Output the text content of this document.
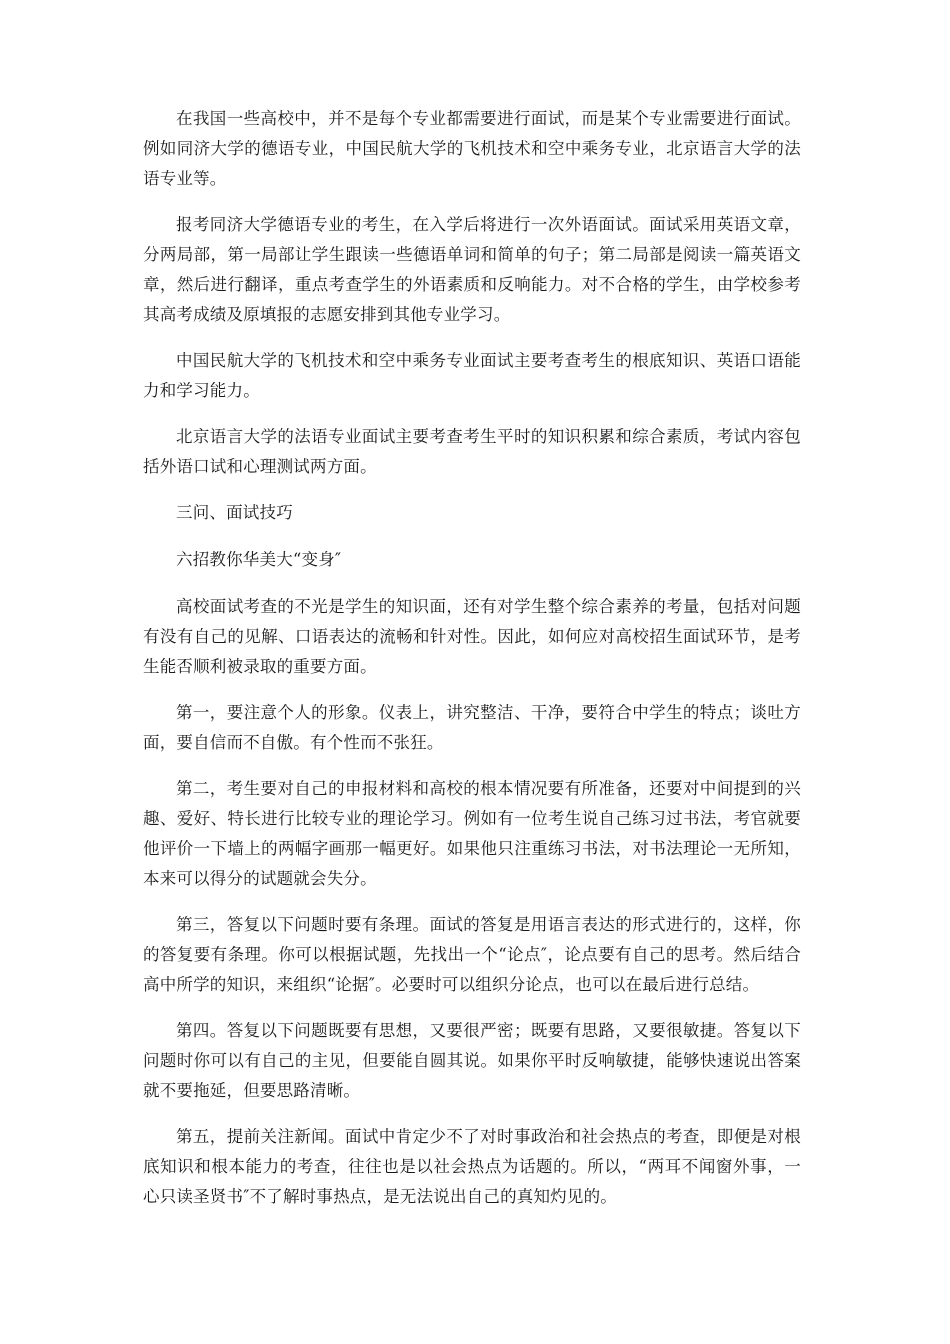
在我国一些高校中，并不是每个专业都需要进行面试，而是某个专业需要进行面试。例如同济大学的德语专业，中国民航大学的飞机技术和空中乘务专业，北京语言大学的法语专业等。

报考同济大学德语专业的考生，在入学后将进行一次外语面试。面试采用英语文章，分两局部，第一局部让学生跟读一些德语单词和简单的句子；第二局部是阅读一篇英语文章，然后进行翻译，重点考查学生的外语素质和反响能力。对不合格的学生，由学校参考其高考成绩及原填报的志愿安排到其他专业学习。

中国民航大学的飞机技术和空中乘务专业面试主要考查考生的根底知识、英语口语能力和学习能力。

北京语言大学的法语专业面试主要考查考生平时的知识积累和综合素质，考试内容包括外语口试和心理测试两方面。

三问、面试技巧

六招教你华美大“变身″

高校面试考查的不光是学生的知识面，还有对学生整个综合素养的考量，包括对问题有没有自己的见解、口语表达的流畅和针对性。因此，如何应对高校招生面试环节，是考生能否顺利被录取的重要方面。

第一，要注意个人的形象。仪表上，讲究整洁、干净，要符合中学生的特点；谈吐方面，要自信而不自傲。有个性而不张狂。

第二，考生要对自己的申报材料和高校的根本情况要有所准备，还要对中间提到的兴趣、爱好、特长进行比较专业的理论学习。例如有一位考生说自己练习过书法，考官就要他评价一下墙上的两幅字画那一幅更好。如果他只注重练习书法，对书法理论一无所知，本来可以得分的试题就会失分。

第三，答复以下问题时要有条理。面试的答复是用语言表达的形式进行的，这样，你的答复要有条理。你可以根据试题，先找出一个“论点″，论点要有自己的思考。然后结合高中所学的知识，来组织“论据″。必要时可以组织分论点，也可以在最后进行总结。

第四。答复以下问题既要有思想，又要很严密；既要有思路，又要很敏捷。答复以下问题时你可以有自己的主见，但要能自圆其说。如果你平时反响敏捷，能够快速说出答案就不要拖延，但要思路清晰。

第五，提前关注新闻。面试中肯定少不了对时事政治和社会热点的考查，即便是对根底知识和根本能力的考查，往往也是以社会热点为话题的。所以，“两耳不闻窗外事，一心只读圣贤书″不了解时事热点，是无法说出自己的真知灼见的。
